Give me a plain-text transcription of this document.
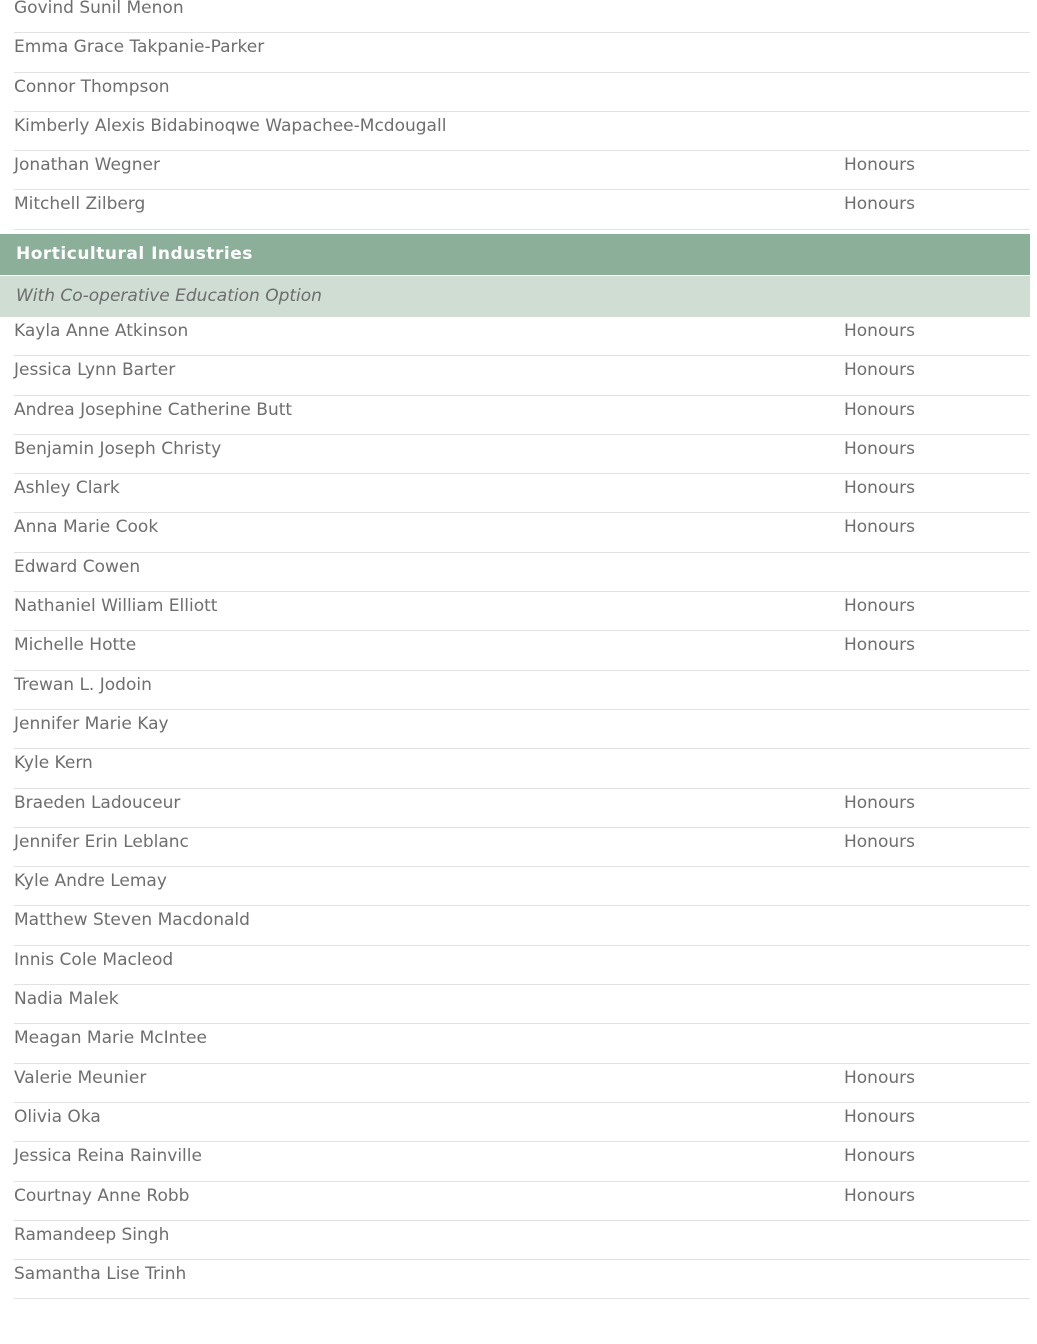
Govind Sunil Menon
Emma Grace Takpanie-Parker
Connor Thompson
Kimberly Alexis Bidabinoqwe Wapachee-Mcdougall
Jonathan Wegner	Honours
Mitchell Zilberg	Honours
Horticultural Industries
With Co-operative Education Option
Kayla Anne Atkinson	Honours
Jessica Lynn Barter	Honours
Andrea Josephine Catherine Butt	Honours
Benjamin Joseph Christy	Honours
Ashley Clark	Honours
Anna Marie Cook	Honours
Edward Cowen
Nathaniel William Elliott	Honours
Michelle Hotte	Honours
Trewan L. Jodoin
Jennifer Marie Kay
Kyle Kern
Braeden Ladouceur	Honours
Jennifer Erin Leblanc	Honours
Kyle Andre Lemay
Matthew Steven Macdonald
Innis Cole Macleod
Nadia Malek
Meagan Marie McIntee
Valerie Meunier	Honours
Olivia Oka	Honours
Jessica Reina Rainville	Honours
Courtnay Anne Robb	Honours
Ramandeep Singh
Samantha Lise Trinh
